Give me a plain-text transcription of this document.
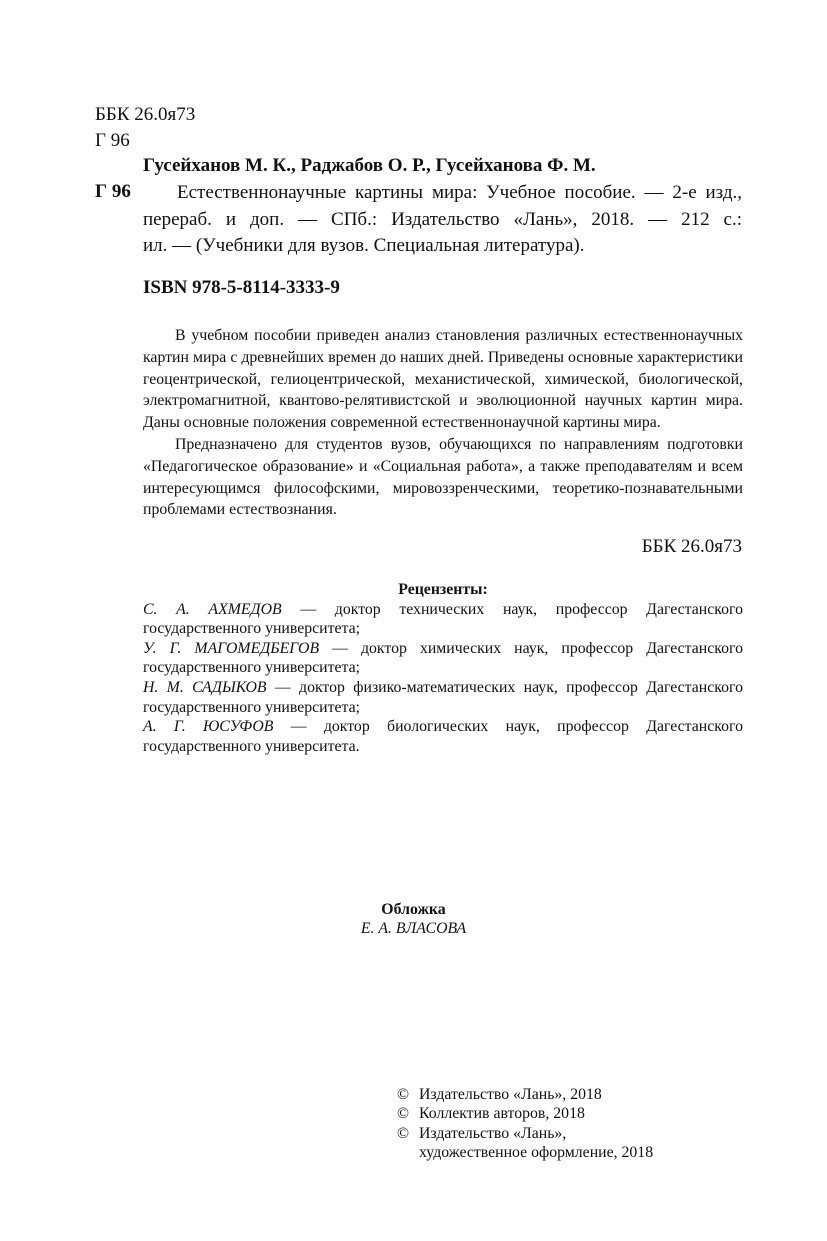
ББК 26.0я73
Г 96
Гусейханов М. К., Раджабов О. Р., Гусейханова Ф. М.
Г 96 Естественнонаучные картины мира: Учебное пособие. — 2-е изд.,
перераб. и доп. — СПб.: Издательство «Лань», 2018. — 212 с.:
ил. — (Учебники для вузов. Специальная литература).
ISBN 978-5-8114-3333-9

В учебном пособии приведен анализ становления различных естественнонаучных картин мира с древнейших времен до наших дней. Приведены основные характеристики геоцентрической, гелиоцентрической, механистической, химической, биологической, электромагнитной, квантово-релятивистской и эволюционной научных картин мира. Даны основные положения современной естественнонаучной картины мира.

Предназначено для студентов вузов, обучающихся по направлениям подготовки «Педагогическое образование» и «Социальная работа», а также преподавателям и всем интересующимся философскими, мировоззренческими, теоретико-познавательными проблемами естествознания.

ББК 26.0я73
Рецензенты:
С. А. АХМЕДОВ — доктор технических наук, профессор Дагестанского государственного университета;
У. Г. МАГОМЕДБЕГОВ — доктор химических наук, профессор Дагестанского государственного университета;
Н. М. САДЫКОВ — доктор физико-математических наук, профессор Дагестанского государственного университета;
А. Г. ЮСУФОВ — доктор биологических наук, профессор Дагестанского государственного университета.
Обложка
Е. А. ВЛАСОВА
© Издательство «Лань», 2018
© Коллектив авторов, 2018
© Издательство «Лань»,
художественное оформление, 2018
